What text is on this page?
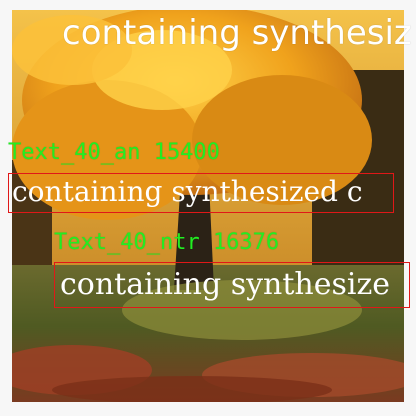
containing synthesiz
Text_40_an 15400
containing synthesized c
Text_40_ntr 16376
containing synthesize
